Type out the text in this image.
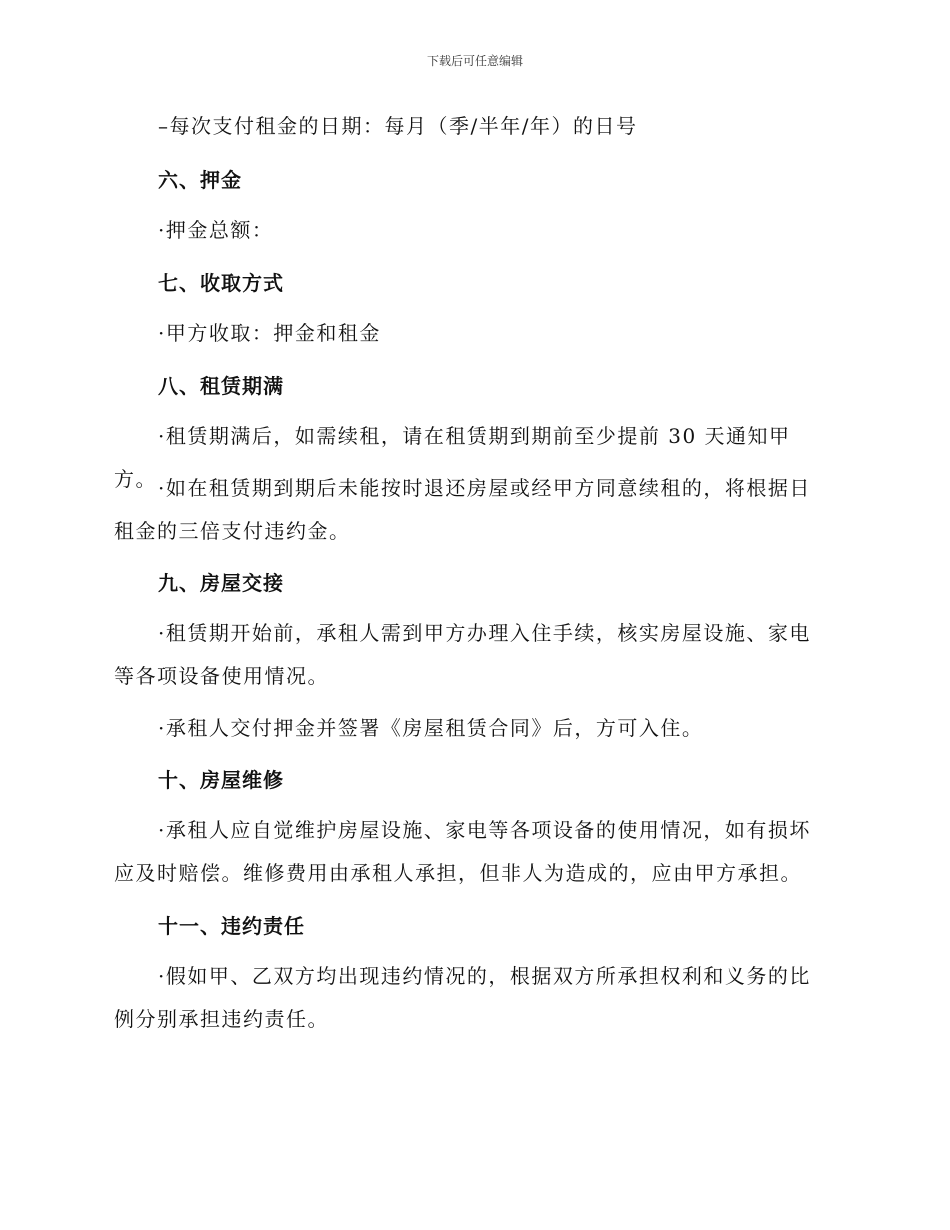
下载后可任意编辑
–每次支付租金的日期：每月（季/半年/年）的日号
六、押金
·押金总额：
七、收取方式
·甲方收取：押金和租金
八、租赁期满
·租赁期满后，如需续租，请在租赁期到期前至少提前 30 天通知甲方。 ·如在租赁期到期后未能按时退还房屋或经甲方同意续租的，将根据日租金的三倍支付违约金。
九、房屋交接
·租赁期开始前，承租人需到甲方办理入住手续，核实房屋设施、家电等各项设备使用情况。
·承租人交付押金并签署《房屋租赁合同》后，方可入住。
十、房屋维修
·承租人应自觉维护房屋设施、家电等各项设备的使用情况，如有损坏应及时赔偿。维修费用由承租人承担，但非人为造成的，应由甲方承担。
十一、违约责任
·假如甲、乙双方均出现违约情况的，根据双方所承担权利和义务的比例分别承担违约责任。
